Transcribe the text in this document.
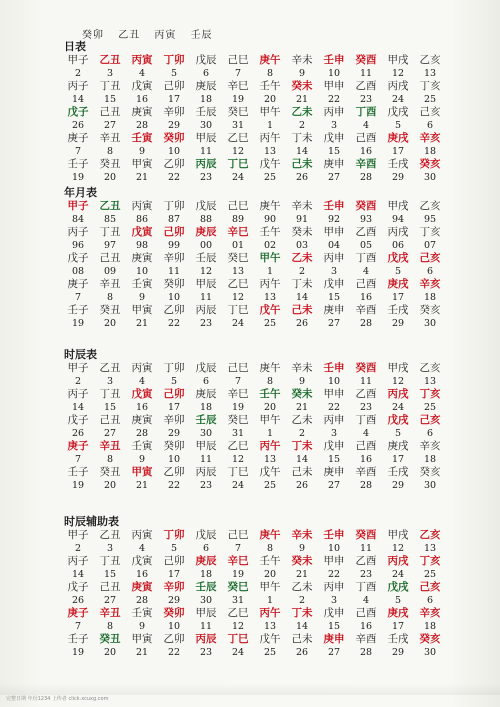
癸卯 乙丑 丙寅 壬辰
日表
甲子	乙丑	丙寅	丁卯	戊辰	己巳	庚午	辛未	壬申	癸酉	甲戌	乙亥
2	3	4	5	6	7	8	9	10	11	12	13
丙子	丁丑	戊寅	己卯	庚辰	辛巳	壬午	癸未	甲申	乙酉	丙戌	丁亥
14	15	16	17	18	19	20	21	22	23	24	25
戊子	己丑	庚寅	辛卯	壬辰	癸巳	甲午	乙未	丙申	丁酉	戊戌	己亥
26	27	28	29	30	31	1	2	3	4	5	6
庚子	辛丑	壬寅	癸卯	甲辰	乙巳	丙午	丁未	戊申	己酉	庚戌	辛亥
7	8	9	10	11	12	13	14	15	16	17	18
壬子	癸丑	甲寅	乙卯	丙辰	丁巳	戊午	己未	庚申	辛酉	壬戌	癸亥
19	20	21	22	23	24	25	26	27	28	29	30
年月表
甲子	乙丑	丙寅	丁卯	戊辰	己巳	庚午	辛未	壬申	癸酉	甲戌	乙亥
84	85	86	87	88	89	90	91	92	93	94	95
丙子	丁丑	戊寅	己卯	庚辰	辛巳	壬午	癸未	甲申	乙酉	丙戌	丁亥
96	97	98	99	00	01	02	03	04	05	06	07
戊子	己丑	庚寅	辛卯	壬辰	癸巳	甲午	乙未	丙申	丁酉	戊戌	己亥
08	09	10	11	12	13	1	2	3	4	5	6
庚子	辛丑	壬寅	癸卯	甲辰	乙巳	丙午	丁未	戊申	己酉	庚戌	辛亥
7	8	9	10	11	12	13	14	15	16	17	18
壬子	癸丑	甲寅	乙卯	丙辰	丁巳	戊午	己未	庚申	辛酉	壬戌	癸亥
19	20	21	22	23	24	25	26	27	28	29	30
时辰表
甲子	乙丑	丙寅	丁卯	戊辰	己巳	庚午	辛未	壬申	癸酉	甲戌	乙亥
2	3	4	5	6	7	8	9	10	11	12	13
丙子	丁丑	戊寅	己卯	庚辰	辛巳	壬午	癸未	甲申	乙酉	丙戌	丁亥
14	15	16	17	18	19	20	21	22	23	24	25
戊子	己丑	庚寅	辛卯	壬辰	癸巳	甲午	乙未	丙申	丁酉	戊戌	己亥
26	27	28	29	30	31	1	2	3	4	5	6
庚子	辛丑	壬寅	癸卯	甲辰	乙巳	丙午	丁未	戊申	己酉	庚戌	辛亥
7	8	9	10	11	12	13	14	15	16	17	18
壬子	癸丑	甲寅	乙卯	丙辰	丁巳	戊午	己未	庚申	辛酉	壬戌	癸亥
19	20	21	22	23	24	25	26	27	28	29	30
时辰辅助表
甲子	乙丑	丙寅	丁卯	戊辰	己巳	庚午	辛未	壬申	癸酉	甲戌	乙亥
2	3	4	5	6	7	8	9	10	11	12	13
丙子	丁丑	戊寅	己卯	庚辰	辛巳	壬午	癸未	甲申	乙酉	丙戌	丁亥
14	15	16	17	18	19	20	21	22	23	24	25
戊子	己丑	庚寅	辛卯	壬辰	癸巳	甲午	乙未	丙申	丁酉	戊戌	己亥
26	27	28	29	30	31	1	2	3	4	5	6
庚子	辛丑	壬寅	癸卯	甲辰	乙巳	丙午	丁未	戊申	己酉	庚戌	辛亥
7	8	9	10	11	12	13	14	15	16	17	18
壬子	癸丑	甲寅	乙卯	丙辰	丁巳	戊午	己未	庚申	辛酉	壬戌	癸亥
19	20	21	22	23	24	25	26	27	28	29	30
完整日期 年份1234 上传者 click.xcuxg.com
